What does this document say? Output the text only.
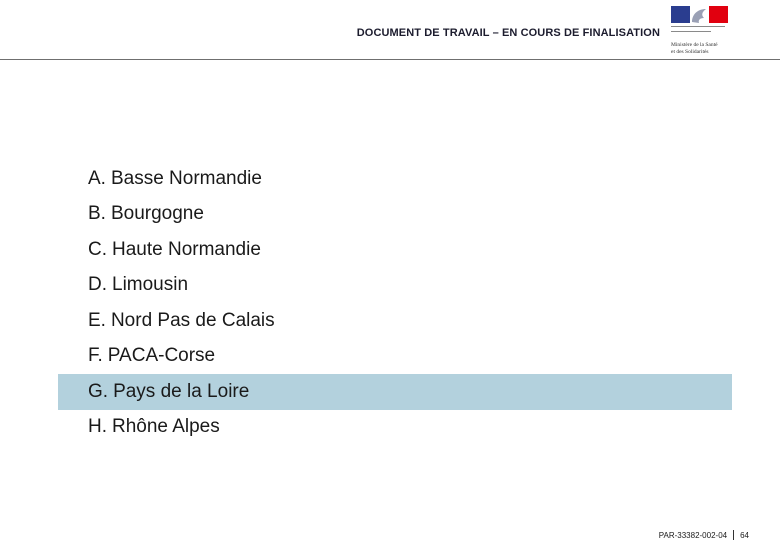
DOCUMENT DE TRAVAIL – EN COURS DE FINALISATION
Ministère de la Santé
et des Solidarités
A. Basse Normandie
B. Bourgogne
C. Haute Normandie
D. Limousin
E. Nord Pas de Calais
F. PACA-Corse
G. Pays de la Loire
H. Rhône Alpes
PAR-33382-002-04 64
